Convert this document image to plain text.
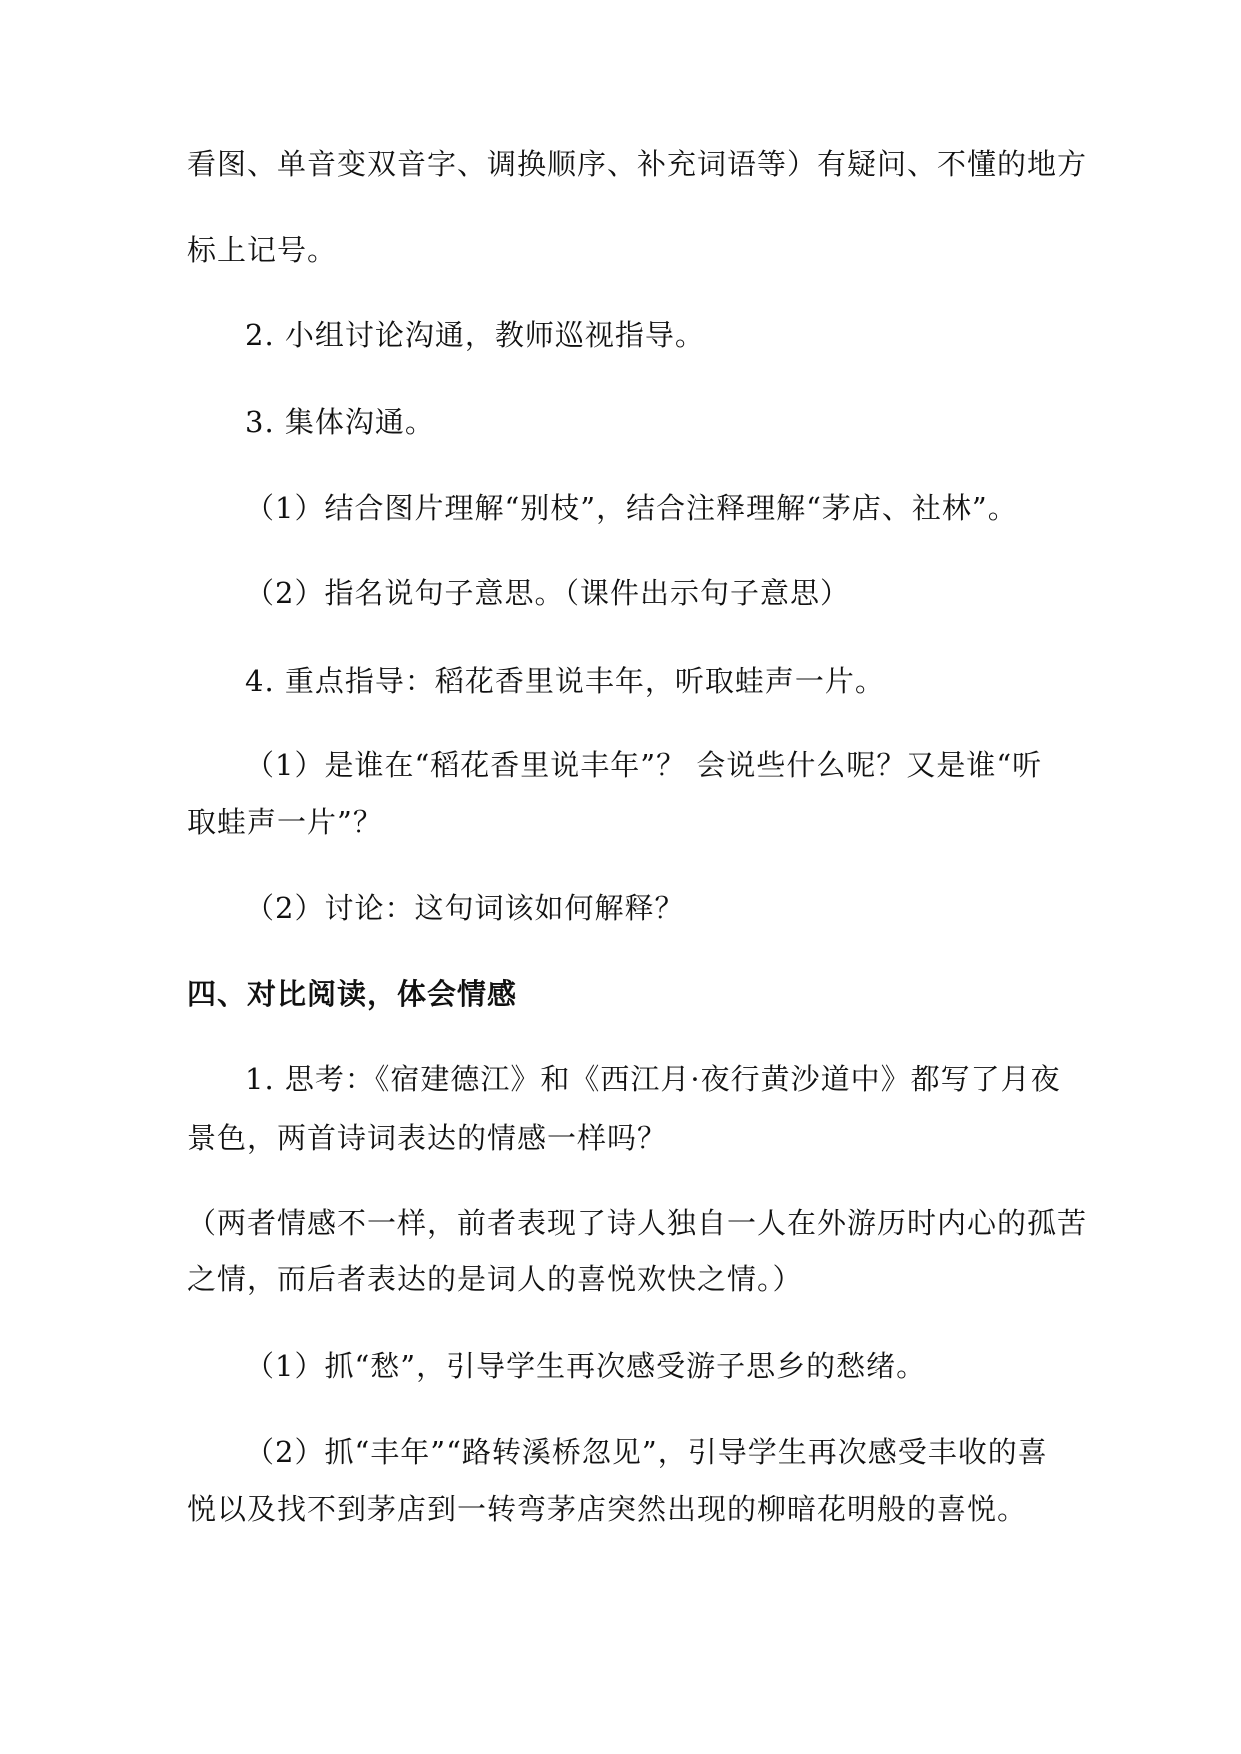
看图、单音变双音字、调换顺序、补充词语等）有疑问、不懂的地方
标上记号。
2. 小组讨论沟通，教师巡视指导。
3. 集体沟通。
（1）结合图片理解“别枝”，结合注释理解“茅店、社林”。
（2）指名说句子意思。（课件出示句子意思）
4. 重点指导：稻花香里说丰年，听取蛙声一片。
（1）是谁在“稻花香里说丰年”？ 会说些什么呢？又是谁“听
取蛙声一片”？
（2）讨论：这句词该如何解释？
四、对比阅读，体会情感
1. 思考：《宿建德江》和《西江月·夜行黄沙道中》都写了月夜
景色，两首诗词表达的情感一样吗？
（两者情感不一样，前者表现了诗人独自一人在外游历时内心的孤苦
之情，而后者表达的是词人的喜悦欢快之情。）
（1）抓“愁”，引导学生再次感受游子思乡的愁绪。
（2）抓“丰年”“路转溪桥忽见”，引导学生再次感受丰收的喜
悦以及找不到茅店到一转弯茅店突然出现的柳暗花明般的喜悦。
